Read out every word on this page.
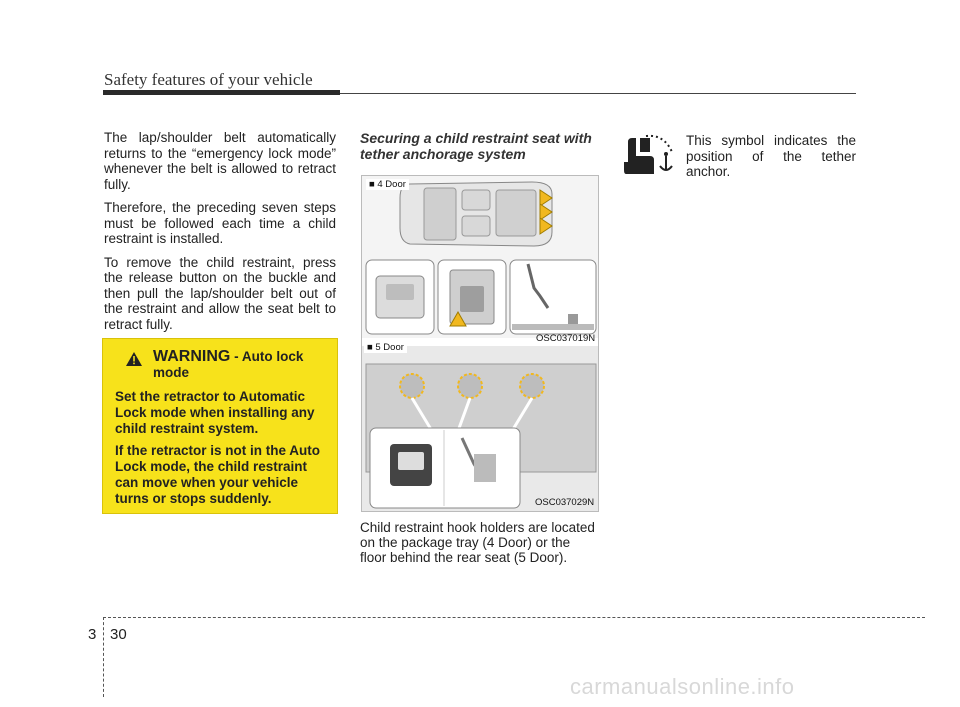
Safety features of your vehicle

The lap/shoulder belt automatically returns to the “emergency lock mode” whenever the belt is allowed to retract fully.

Therefore, the preceding seven steps must be followed each time a child restraint is installed.

To remove the child restraint, press the release button on the buckle and then pull the lap/shoulder belt out of the restraint and allow the seat belt to retract fully.

WARNING - Auto lock mode

Set the retractor to Automatic Lock mode when installing any child restraint system.

If the retractor is not in the Auto Lock mode, the child restraint can move when your vehicle turns or stops suddenly.

Securing a child restraint seat with tether anchorage system
■ 4 Door
OSC037019N
■ 5 Door
OSC037029N
FOR TETHER
Child restraint hook holders are located on the package tray (4 Door) or the floor behind the rear seat (5 Door).
This symbol indicates the position of the tether anchor.
3 30
carmanualsonline.info
